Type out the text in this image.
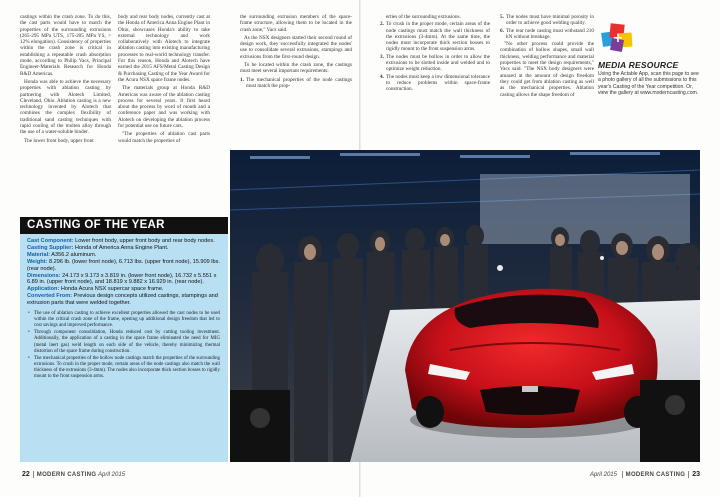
castings within the crash zone. To do this, the cast parts would have to match the properties of the surrounding extrusions (265-295 MPa UTS, 175-205 MPa YS, > 12% elongation). Consistency of properties within the crash zone is critical in establishing a repeatable crash absorption mode, according to Philip Vacs, Principal Engineer-Materials Research for Honda R&D Americas.

Honda was able to achieve the necessary properties with ablation casting by partnering with Alotech Limited, Cleveland, Ohio. Ablation casting is a new technology invented by Alotech that combines the complex flexibility of traditional sand casting techniques with rapid cooling of the molten alloy through the use of a water-soluble binder.

The lower front body, upper front

body and rear body nodes, currently cast at the Honda of America Anna Engine Plant in Ohio, showcases Honda's ability to take external technology and work collaboratively with Alotech to integrate ablation casting into existing manufacturing processes to real-world technology transfer. For this reason, Honda and Alotech have earned the 2015 AFS/Metal Casting Design & Purchasing Casting of the Year Award for the Acura NSX space frame nodes.

The materials group at Honda R&D Americas was aware of the ablation casting process for several years. It first heard about the process by word of mouth and a conference paper and was working with Alotech on developing the ablation process for potential use on future cars.

"The properties of ablation cast parts would match the properties of

the surrounding extrusion members of the space-frame structure, allowing them to be located in the crash zone," Vacs said.

As the NSX designers started their second round of design work, they successfully integrated the nodes' use to consolidate several extrusions, stampings and extrusions from the first-round design.

To be located within the crash zone, the castings must meet several important requirements:

1. The mechanical properties of the node castings must match the prop-
erties of the surrounding extrusions.
2. To crush in the proper mode, certain areas of the node castings must match the wall thickness of the extrusions (3-4mm). At the same time, the nodes must incorporate thick section bosses to rigidly mount to the front suspension arms.
3. The nodes must be hollow in order to allow the extrusions to be slotted inside and welded and to optimize weight reduction.
4. The nodes must keep a low dimensional tolerance to reduce problems within space-frame construction.
5. The nodes must have minimal porosity in order to achieve good welding quality.
6. The rear node casting must withstand 210 kN without breakage.

"No other process could provide the combination of hollow shapes, small wall thickness, welding performance and material properties to meet the design requirements," Vacs said. "The NSX body designers were amazed at the amount of design freedom they could get from ablation casting as well as the mechanical properties. Ablation casting allows the shape freedom of

+
MEDIA RESOURCE
Using the Actable App, scan this page to see a photo gallery of all the submissions to this year's Casting of the Year competition. Or, view the gallery at www.moderncasting.com.

CASTING OF THE YEAR
Cast Component: Lower front body, upper front body and rear body nodes.
Casting Supplier: Honda of America Anna Engine Plant.
Material: A356.2 aluminum.
Weight: 8.296 lb. (lower front node), 6.713 lbs. (upper front node), 15.909 lbs. (rear node).
Dimensions: 24.173 x 9.173 x 3.819 in. (lower front node), 16.732 x 5.551 x 6.89 in. (upper front node), and 18.819 x 9.882 x 16.929 in. (rear node).
Application: Honda Acura NSX supercar space frame.
Converted From: Previous design concepts utilized castings, stampings and extrusion parts that were welded together.
• The use of ablation casting to achieve excellent properties allowed the cast nodes to be used within the critical crash zone of the frame, opening up additional design freedom that led to cost savings and improved performance.
• Through component consolidation, Honda reduced cost by cutting tooling investment. Additionally, the application of a casting in the space frame eliminated the need for MIG (metal inert gas) weld length on each side of the vehicle, thereby minimizing thermal distortion of the space frame during construction.
• The mechanical properties of the hollow node castings match the properties of the surrounding extrusions. To crush in the proper mode, certain areas of the node castings also match the wall thickness of the extrusions (3-4mm). The nodes also incorporate thick section bosses to rigidly mount to the front suspension arms.
22 MODERN CASTING April 2015	April 2015 MODERN CASTING 23
